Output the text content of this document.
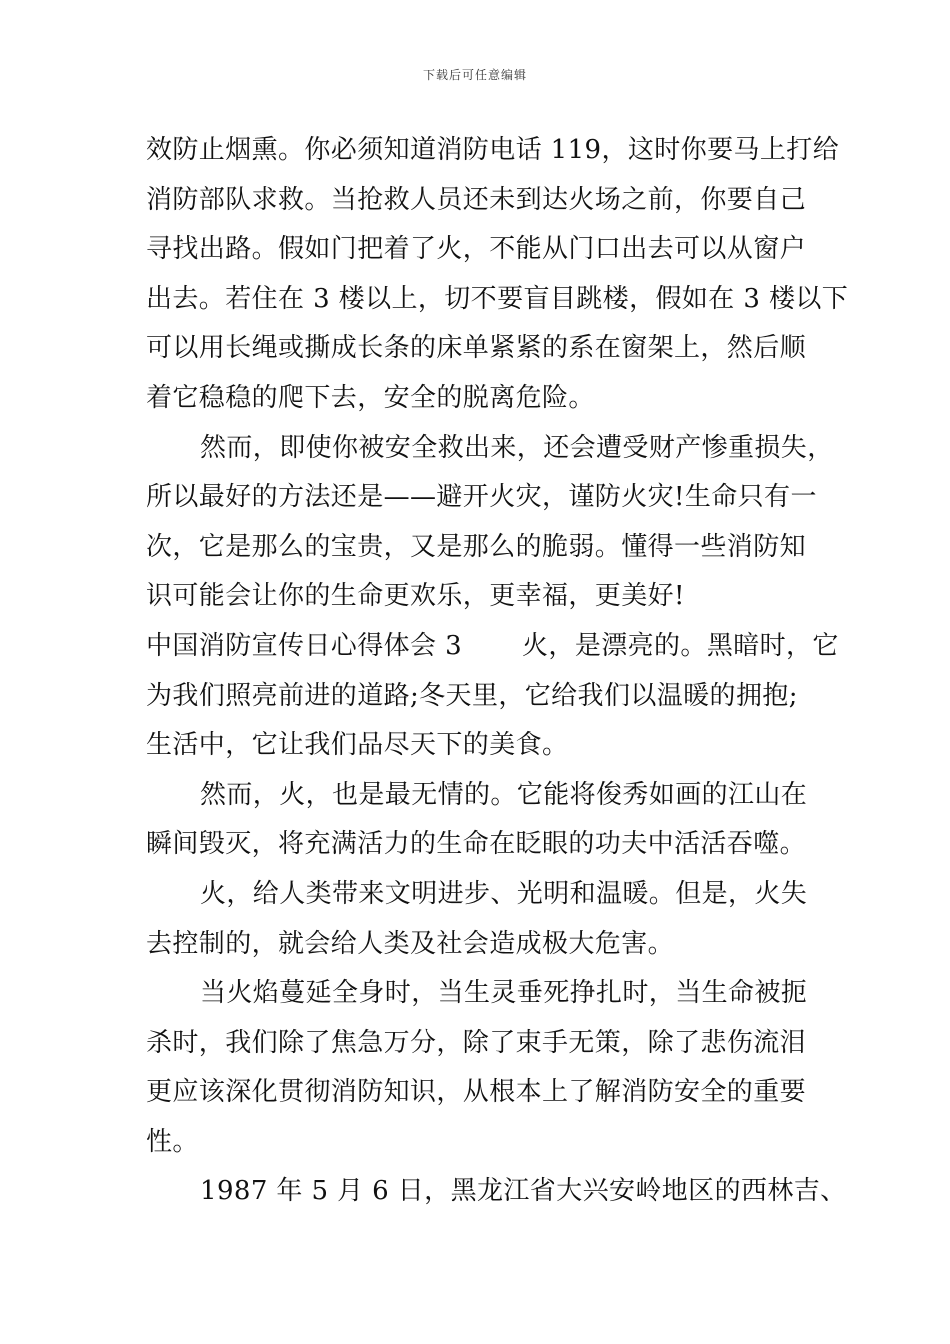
下载后可任意编辑
效防止烟熏。你必须知道消防电话 119，这时你要马上打给
消防部队求救。当抢救人员还未到达火场之前，你要自己
寻找出路。假如门把着了火，不能从门口出去可以从窗户
出去。若住在 3 楼以上，切不要盲目跳楼，假如在 3 楼以下
可以用长绳或撕成长条的床单紧紧的系在窗架上，然后顺
着它稳稳的爬下去，安全的脱离危险。
然而，即使你被安全救出来，还会遭受财产惨重损失，
所以最好的方法还是——避开火灾，谨防火灾!生命只有一
次，它是那么的宝贵，又是那么的脆弱。懂得一些消防知
识可能会让你的生命更欢乐，更幸福，更美好!
中国消防宣传日心得体会 3 火，是漂亮的。黑暗时，它
为我们照亮前进的道路;冬天里，它给我们以温暖的拥抱;
生活中，它让我们品尽天下的美食。
然而，火，也是最无情的。它能将俊秀如画的江山在
瞬间毁灭，将充满活力的生命在眨眼的功夫中活活吞噬。
火，给人类带来文明进步、光明和温暖。但是，火失
去控制的，就会给人类及社会造成极大危害。
当火焰蔓延全身时，当生灵垂死挣扎时，当生命被扼
杀时，我们除了焦急万分，除了束手无策，除了悲伤流泪
更应该深化贯彻消防知识，从根本上了解消防安全的重要
性。
1987 年 5 月 6 日，黑龙江省大兴安岭地区的西林吉、
